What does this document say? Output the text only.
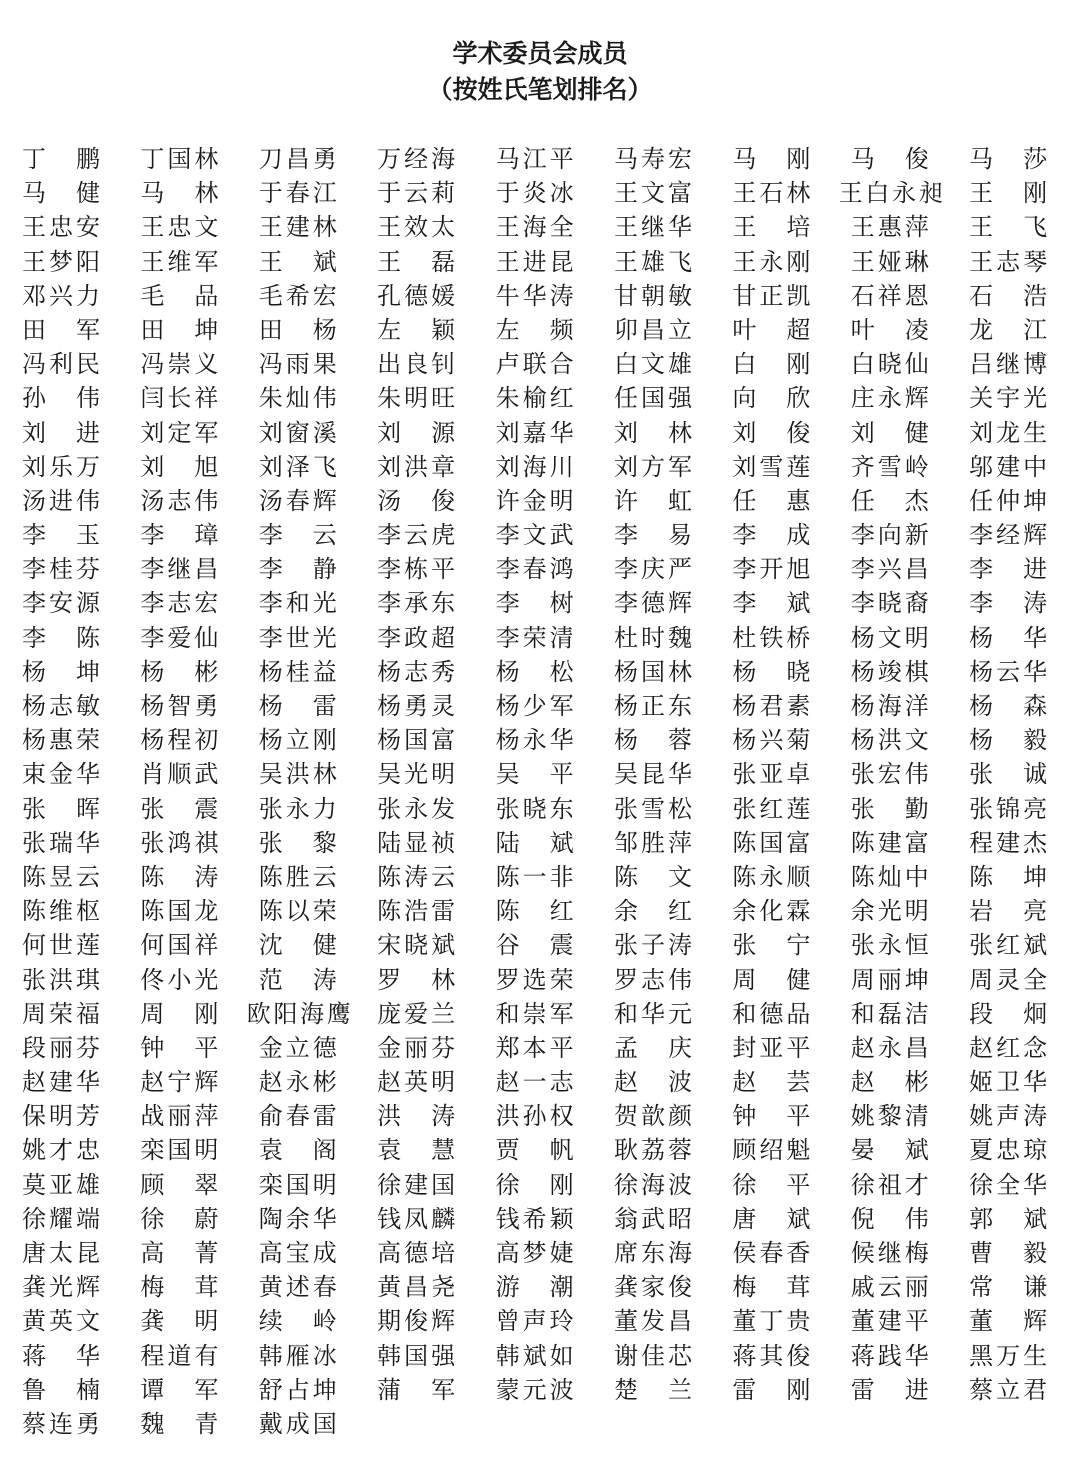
学术委员会成员
（按姓氏笔划排名）
丁 鹏 丁 国 林 刀 昌 勇 万 经 海 马 江 平 马 寿 宏 马 刚 马 俊 马 莎
马 健 马 林 于 春 江 于 云 莉 于 炎 冰 王 文 富 王 石 林 王 白 永 昶 王 刚
王 忠 安 王 忠 文 王 建 林 王 效 太 王 海 全 王 继 华 王 培 王 惠 萍 王 飞
王 梦 阳 王 维 军 王 斌 王 磊 王 进 昆 王 雄 飞 王 永 刚 王 娅 琳 王 志 琴
邓 兴 力 毛 品 毛 希 宏 孔 德 媛 牛 华 涛 甘 朝 敏 甘 正 凯 石 祥 恩 石 浩
田 军 田 坤 田 杨 左 颖 左 频 卯 昌 立 叶 超 叶 凌 龙 江
冯 利 民 冯 崇 义 冯 雨 果 出 良 钊 卢 联 合 白 文 雄 白 刚 白 晓 仙 吕 继 博
孙 伟 闫 长 祥 朱 灿 伟 朱 明 旺 朱 榆 红 任 国 强 向 欣 庄 永 辉 关 宇 光
刘 进 刘 定 军 刘 窗 溪 刘 源 刘 嘉 华 刘 林 刘 俊 刘 健 刘 龙 生
刘 乐 万 刘 旭 刘 泽 飞 刘 洪 章 刘 海 川 刘 方 军 刘 雪 莲 齐 雪 岭 邬 建 中
汤 进 伟 汤 志 伟 汤 春 辉 汤 俊 许 金 明 许 虹 任 惠 任 杰 任 仲 坤
李 玉 李 璋 李 云 李 云 虎 李 文 武 李 易 李 成 李 向 新 李 经 辉
李 桂 芬 李 继 昌 李 静 李 栋 平 李 春 鸿 李 庆 严 李 开 旭 李 兴 昌 李 进
李 安 源 李 志 宏 李 和 光 李 承 东 李 树 李 德 辉 李 斌 李 晓 裔 李 涛
李 陈 李 爱 仙 李 世 光 李 政 超 李 荣 清 杜 时 魏 杜 铁 桥 杨 文 明 杨 华
杨 坤 杨 彬 杨 桂 益 杨 志 秀 杨 松 杨 国 林 杨 晓 杨 竣 棋 杨 云 华
杨 志 敏 杨 智 勇 杨 雷 杨 勇 灵 杨 少 军 杨 正 东 杨 君 素 杨 海 洋 杨 森
杨 惠 荣 杨 程 初 杨 立 刚 杨 国 富 杨 永 华 杨 蓉 杨 兴 菊 杨 洪 文 杨 毅
束 金 华 肖 顺 武 吴 洪 林 吴 光 明 吴 平 吴 昆 华 张 亚 卓 张 宏 伟 张 诚
张 晖 张 震 张 永 力 张 永 发 张 晓 东 张 雪 松 张 红 莲 张 勤 张 锦 亮
张 瑞 华 张 鸿 祺 张 黎 陆 显 祯 陆 斌 邹 胜 萍 陈 国 富 陈 建 富 程 建 杰
陈 昱 云 陈 涛 陈 胜 云 陈 涛 云 陈 一 非 陈 文 陈 永 顺 陈 灿 中 陈 坤
陈 维 枢 陈 国 龙 陈 以 荣 陈 浩 雷 陈 红 余 红 余 化 霖 余 光 明 岩 亮
何 世 莲 何 国 祥 沈 健 宋 晓 斌 谷 震 张 子 涛 张 宁 张 永 恒 张 红 斌
张 洪 琪 佟 小 光 范 涛 罗 林 罗 选 荣 罗 志 伟 周 健 周 丽 坤 周 灵 全
周 荣 福 周 刚 欧 阳 海 鹰 庞 爱 兰 和 崇 军 和 华 元 和 德 品 和 磊 洁 段 炯
段 丽 芬 钟 平 金 立 德 金 丽 芬 郑 本 平 孟 庆 封 亚 平 赵 永 昌 赵 红 念
赵 建 华 赵 宁 辉 赵 永 彬 赵 英 明 赵 一 志 赵 波 赵 芸 赵 彬 姬 卫 华
保 明 芳 战 丽 萍 俞 春 雷 洪 涛 洪 孙 权 贺 歆 颜 钟 平 姚 黎 清 姚 声 涛
姚 才 忠 栾 国 明 袁 阁 袁 慧 贾 帆 耿 荔 蓉 顾 绍 魁 晏 斌 夏 忠 琼
莫 亚 雄 顾 翠 栾 国 明 徐 建 国 徐 刚 徐 海 波 徐 平 徐 祖 才 徐 全 华
徐 耀 端 徐 蔚 陶 余 华 钱 凤 麟 钱 希 颖 翁 武 昭 唐 斌 倪 伟 郭 斌
唐 太 昆 高 菁 高 宝 成 高 德 培 高 梦 婕 席 东 海 侯 春 香 候 继 梅 曹 毅
龚 光 辉 梅 茸 黄 述 春 黄 昌 尧 游 潮 龚 家 俊 梅 茸 戚 云 丽 常 谦
黄 英 文 龚 明 续 岭 期 俊 辉 曾 声 玲 董 发 昌 董 丁 贵 董 建 平 董 辉
蒋 华 程 道 有 韩 雁 冰 韩 国 强 韩 斌 如 谢 佳 芯 蒋 其 俊 蒋 践 华 黑 万 生
鲁 楠 谭 军 舒 占 坤 蒲 军 蒙 元 波 楚 兰 雷 刚 雷 进 蔡 立 君
蔡 连 勇 魏 青 戴 成 国
